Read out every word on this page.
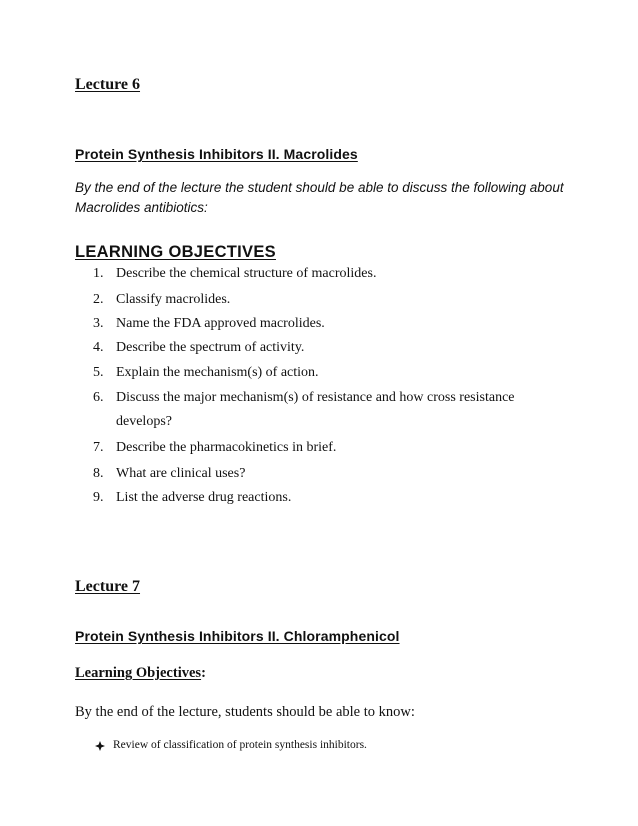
Lecture 6
Protein Synthesis Inhibitors II. Macrolides
By the end of the lecture the student should be able to discuss the following about Macrolides antibiotics:
LEARNING OBJECTIVES
1. Describe the chemical structure of macrolides.
2. Classify macrolides.
3. Name the FDA approved macrolides.
4. Describe the spectrum of activity.
5. Explain the mechanism(s) of action.
6. Discuss the major mechanism(s) of resistance and how cross resistance
develops?
7. Describe the pharmacokinetics in brief.
8. What are clinical uses?
9. List the adverse drug reactions.
Lecture 7
Protein Synthesis Inhibitors II. Chloramphenicol
Learning Objectives:
By the end of the lecture, students should be able to know:
Review of classification of protein synthesis inhibitors.
